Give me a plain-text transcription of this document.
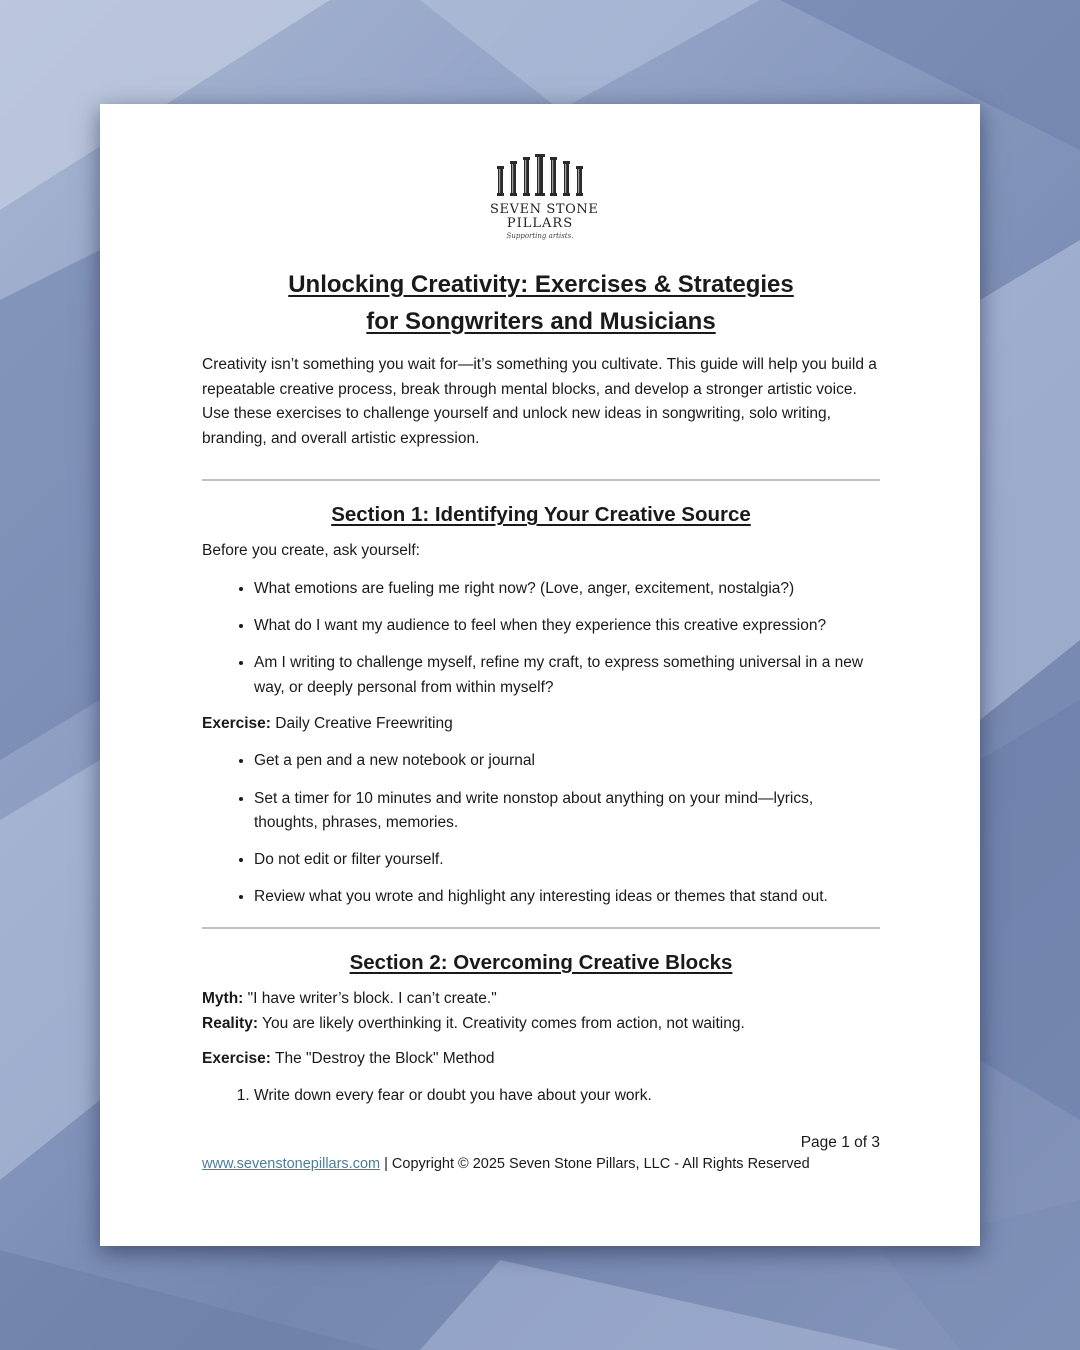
SEVEN STONE
PILLARS
Supporting artists.
Unlocking Creativity: Exercises & Strategies
for Songwriters and Musicians

Creativity isn’t something you wait for—it’s something you cultivate. This guide will help you build a repeatable creative process, break through mental blocks, and develop a stronger artistic voice. Use these exercises to challenge yourself and unlock new ideas in songwriting, solo writing, branding, and overall artistic expression.

Section 1: Identifying Your Creative Source

Before you create, ask yourself:

• What emotions are fueling me right now? (Love, anger, excitement, nostalgia?)
• What do I want my audience to feel when they experience this creative expression?
• Am I writing to challenge myself, refine my craft, to express something universal in a new way, or deeply personal from within myself?

Exercise: Daily Creative Freewriting

• Get a pen and a new notebook or journal
• Set a timer for 10 minutes and write nonstop about anything on your mind—lyrics, thoughts, phrases, memories.
• Do not edit or filter yourself.
• Review what you wrote and highlight any interesting ideas or themes that stand out.
Section 2: Overcoming Creative Blocks

Myth: "I have writer’s block. I can’t create."
Reality: You are likely overthinking it. Creativity comes from action, not waiting.

Exercise: The "Destroy the Block" Method

1. Write down every fear or doubt you have about your work.
Page 1 of 3
www.sevenstonepillars.com | Copyright © 2025 Seven Stone Pillars, LLC - All Rights Reserved
